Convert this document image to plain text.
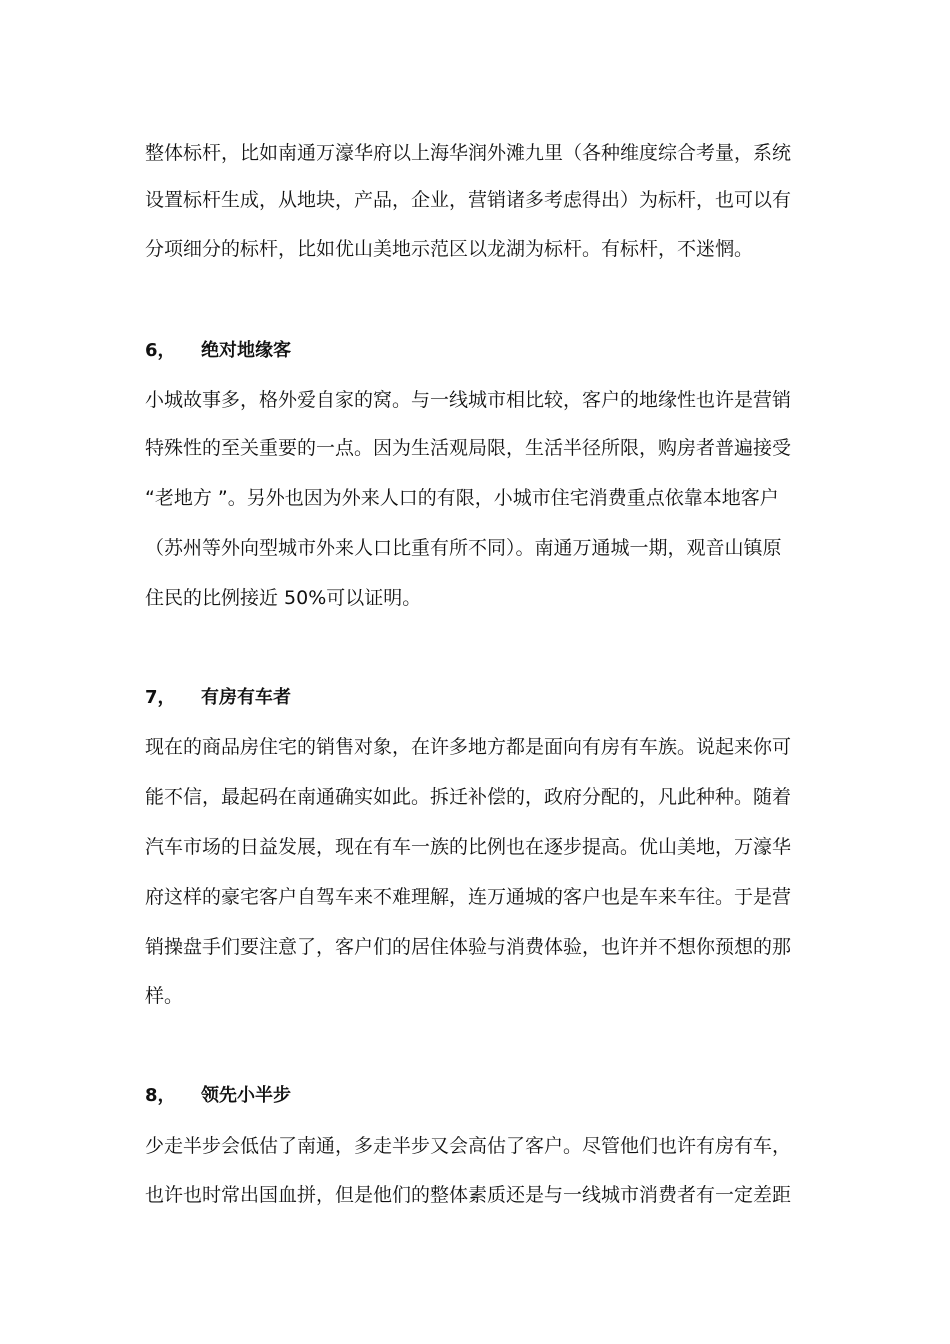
整体标杆，比如南通万濠华府以上海华润外滩九里（各种维度综合考量，系统
设置标杆生成，从地块，产品，企业，营销诸多考虑得出）为标杆，也可以有
分项细分的标杆，比如优山美地示范区以龙湖为标杆。有标杆，不迷惘。
6， 绝对地缘客
小城故事多，格外爱自家的窝。与一线城市相比较，客户的地缘性也许是营销
特殊性的至关重要的一点。因为生活观局限，生活半径所限，购房者普遍接受
“老地方 ”。另外也因为外来人口的有限，小城市住宅消费重点依靠本地客户
（苏州等外向型城市外来人口比重有所不同）。南通万通城一期，观音山镇原
住民的比例接近 50%可以证明。
7， 有房有车者
现在的商品房住宅的销售对象，在许多地方都是面向有房有车族。说起来你可
能不信，最起码在南通确实如此。拆迁补偿的，政府分配的，凡此种种。随着
汽车市场的日益发展，现在有车一族的比例也在逐步提高。优山美地，万濠华
府这样的豪宅客户自驾车来不难理解，连万通城的客户也是车来车往。于是营
销操盘手们要注意了，客户们的居住体验与消费体验，也许并不想你预想的那
样。
8， 领先小半步
少走半步会低估了南通，多走半步又会高估了客户。尽管他们也许有房有车，
也许也时常出国血拼，但是他们的整体素质还是与一线城市消费者有一定差距
